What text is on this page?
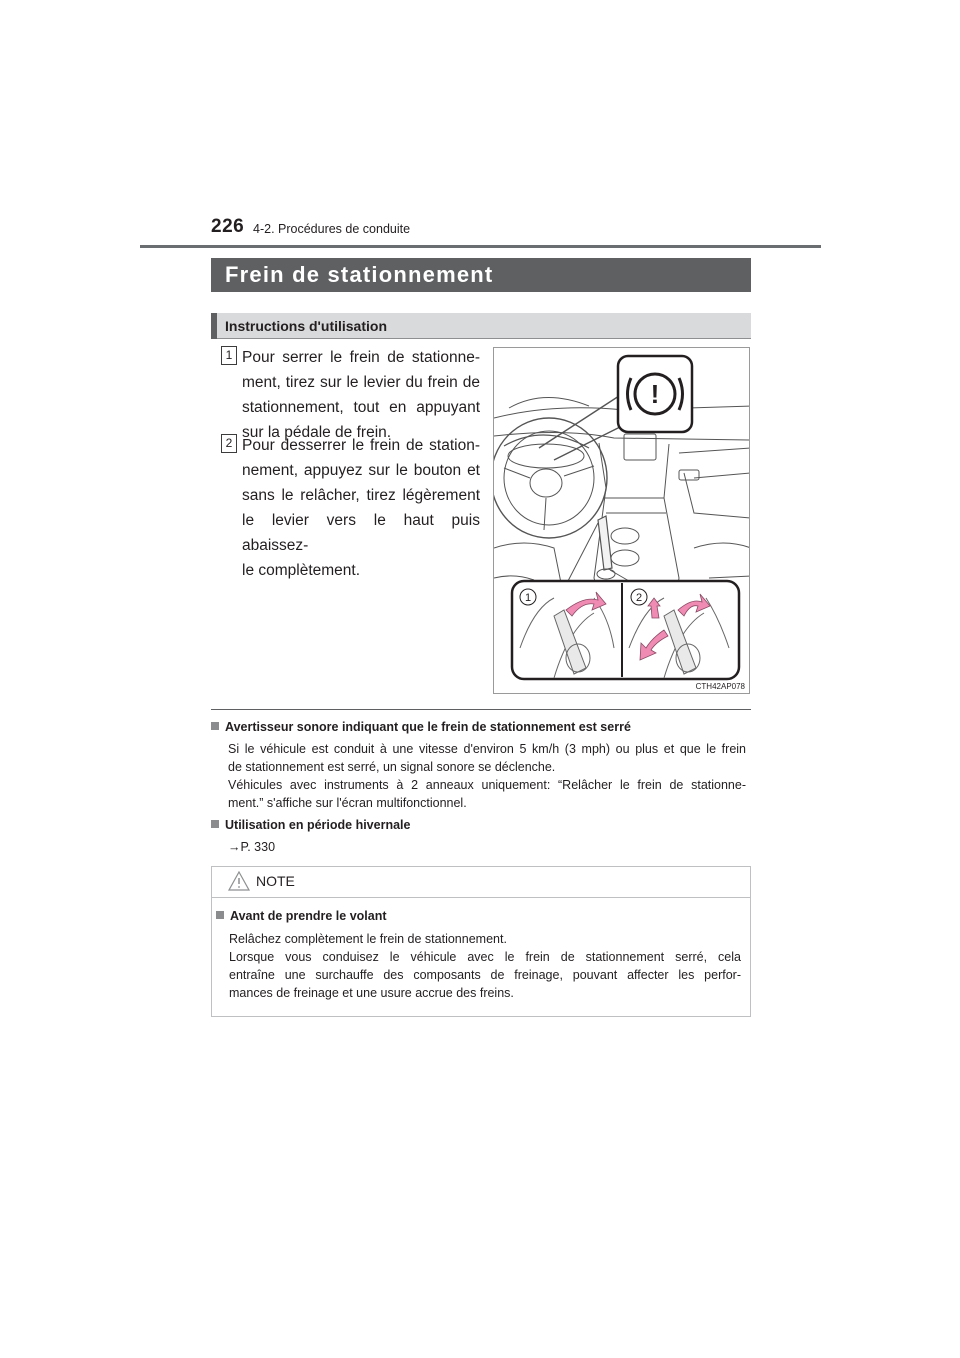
226 4-2. Procédures de conduite
Frein de stationnement
Instructions d'utilisation
1 Pour serrer le frein de stationne-
ment, tirez sur le levier du frein de
stationnement, tout en appuyant
sur la pédale de frein.
2 Pour desserrer le frein de station-
nement, appuyez sur le bouton et
sans le relâcher, tirez légèrement
le levier vers le haut puis abaissez-
le complètement.
!
1	2
CTH42AP078
Avertisseur sonore indiquant que le frein de stationnement est serré
Si le véhicule est conduit à une vitesse d'environ 5 km/h (3 mph) ou plus et que le frein
de stationnement est serré, un signal sonore se déclenche.
Véhicules avec instruments à 2 anneaux uniquement: “Relâcher le frein de stationne-
ment.” s'affiche sur l'écran multifonctionnel.
Utilisation en période hivernale
→P. 330
NOTE
Avant de prendre le volant
Relâchez complètement le frein de stationnement.
Lorsque vous conduisez le véhicule avec le frein de stationnement serré, cela
entraîne une surchauffe des composants de freinage, pouvant affecter les perfor-
mances de freinage et une usure accrue des freins.
